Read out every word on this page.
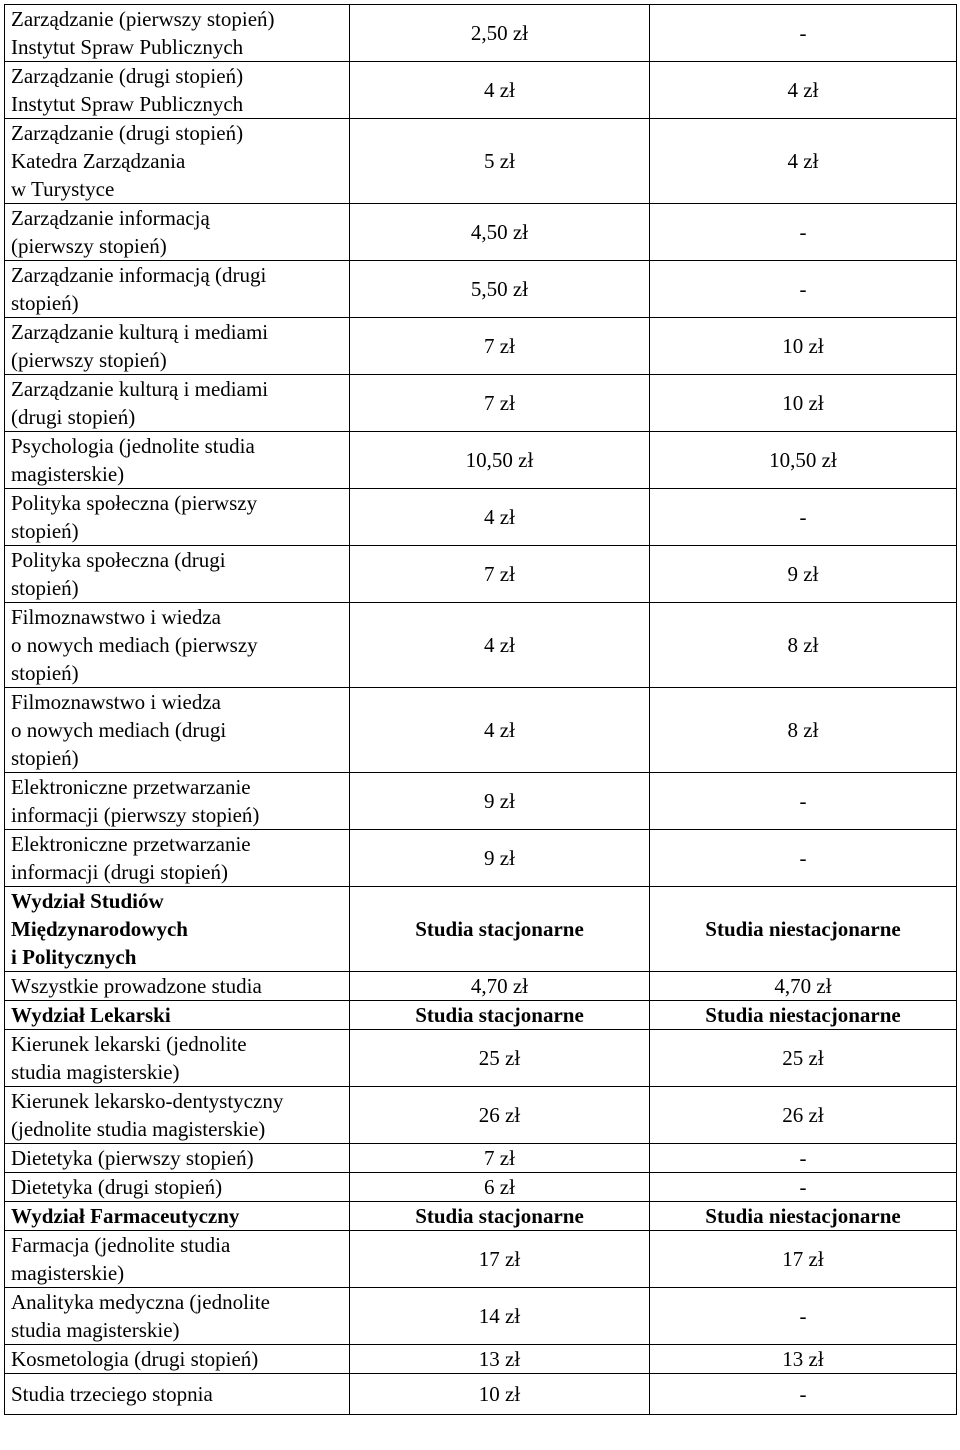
Zarządzanie (pierwszy stopień)
Instytut Spraw Publicznych	2,50 zł	-
Zarządzanie (drugi stopień)
Instytut Spraw Publicznych	4 zł	4 zł
Zarządzanie (drugi stopień)
Katedra Zarządzania
w Turystyce	5 zł	4 zł
Zarządzanie informacją
(pierwszy stopień)	4,50 zł	-
Zarządzanie informacją (drugi
stopień)	5,50 zł	-
Zarządzanie kulturą i mediami
(pierwszy stopień)	7 zł	10 zł
Zarządzanie kulturą i mediami
(drugi stopień)	7 zł	10 zł
Psychologia (jednolite studia
magisterskie)	10,50 zł	10,50 zł
Polityka społeczna (pierwszy
stopień)	4 zł	-
Polityka społeczna (drugi
stopień)	7 zł	9 zł
Filmoznawstwo i wiedza
o nowych mediach (pierwszy
stopień)	4 zł	8 zł
Filmoznawstwo i wiedza
o nowych mediach (drugi
stopień)	4 zł	8 zł
Elektroniczne przetwarzanie
informacji (pierwszy stopień)	9 zł	-
Elektroniczne przetwarzanie
informacji (drugi stopień)	9 zł	-
Wydział Studiów
Międzynarodowych
i Politycznych	Studia stacjonarne	Studia niestacjonarne
Wszystkie prowadzone studia	4,70 zł	4,70 zł
Wydział Lekarski	Studia stacjonarne	Studia niestacjonarne
Kierunek lekarski (jednolite
studia magisterskie)	25 zł	25 zł
Kierunek lekarsko-dentystyczny
(jednolite studia magisterskie)	26 zł	26 zł
Dietetyka (pierwszy stopień)	7 zł	-
Dietetyka (drugi stopień)	6 zł	-
Wydział Farmaceutyczny	Studia stacjonarne	Studia niestacjonarne
Farmacja (jednolite studia
magisterskie)	17 zł	17 zł
Analityka medyczna (jednolite
studia magisterskie)	14 zł	-
Kosmetologia (drugi stopień)	13 zł	13 zł
Studia trzeciego stopnia	10 zł	-
